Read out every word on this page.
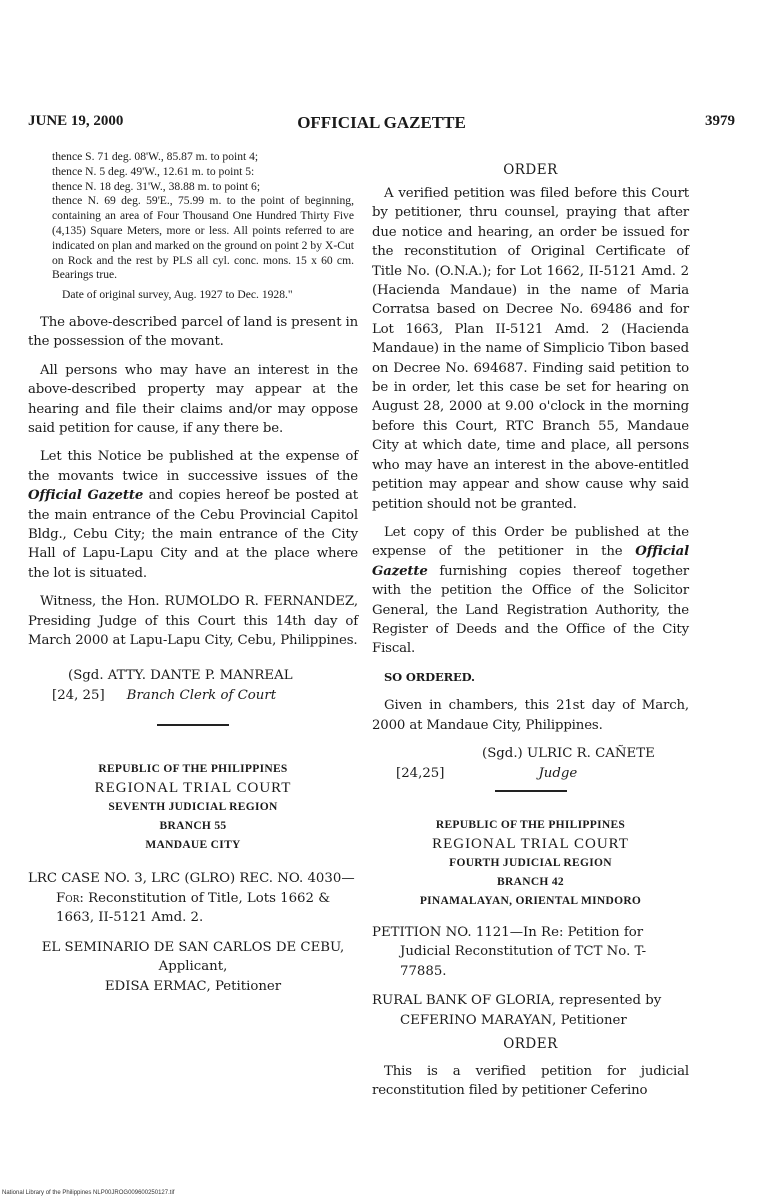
JUNE 19, 2000	OFFICIAL GAZETTE	3979

thence S. 71 deg. 08'W., 85.87 m. to point 4;

thence N. 5 deg. 49'W., 12.61 m. to point 5:

thence N. 18 deg. 31'W., 38.88 m. to point 6;

thence N. 69 deg. 59'E., 75.99 m. to the point of beginning, containing an area of Four Thousand One Hundred Thirty Five (4,135) Square Meters, more or less. All points referred to are indicated on plan and marked on the ground on point 2 by X-Cut on Rock and the rest by PLS all cyl. conc. mons. 15 x 60 cm. Bearings true.

Date of original survey, Aug. 1927 to Dec. 1928."

The above-described parcel of land is present in the possession of the movant.

All persons who may have an interest in the above-described property may appear at the hearing and file their claims and/or may oppose said petition for cause, if any there be.

Let this Notice be published at the expense of the movants twice in successive issues of the Official Gazette and copies hereof be posted at the main entrance of the Cebu Provincial Capitol Bldg., Cebu City; the main entrance of the City Hall of Lapu-Lapu City and at the place where the lot is situated.

Witness, the Hon. RUMOLDO R. FERNANDEZ, Presiding Judge of this Court this 14th day of March 2000 at Lapu-Lapu City, Cebu, Philippines.

(Sgd. ATTY. DANTE P. MANREAL

[24, 25] Branch Clerk of Court

REPUBLIC OF THE PHILIPPINES
REGIONAL TRIAL COURT
SEVENTH JUDICIAL REGION
BRANCH 55
MANDAUE CITY

LRC CASE NO. 3, LRC (GLRO) REC. NO. 4030—For: Reconstitution of Title, Lots 1662 & 1663, II-5121 Amd. 2.

EL SEMINARIO DE SAN CARLOS DE CEBU,

Applicant,

EDISA ERMAC, Petitioner

ORDER

A verified petition was filed before this Court by petitioner, thru counsel, praying that after due notice and hearing, an order be issued for the reconstitution of Original Certificate of Title No. (O.N.A.); for Lot 1662, II-5121 Amd. 2 (Hacienda Mandaue) in the name of Maria Corratsa based on Decree No. 69486 and for Lot 1663, Plan II-5121 Amd. 2 (Hacienda Mandaue) in the name of Simplicio Tibon based on Decree No. 694687. Finding said petition to be in order, let this case be set for hearing on August 28, 2000 at 9.00 o'clock in the morning before this Court, RTC Branch 55, Mandaue City at which date, time and place, all persons who may have an interest in the above-entitled petition may appear and show cause why said petition should not be granted.

Let copy of this Order be published at the expense of the petitioner in the Official Gazette furnishing copies thereof together with the petition the Office of the Solicitor General, the Land Registration Authority, the Register of Deeds and the Office of the City Fiscal.

SO ORDERED.

Given in chambers, this 21st day of March, 2000 at Mandaue City, Philippines.

(Sgd.) ULRIC R. CAÑETE

[24,25]	Judge

REPUBLIC OF THE PHILIPPINES
REGIONAL TRIAL COURT
FOURTH JUDICIAL REGION
BRANCH 42
PINAMALAYAN, ORIENTAL MINDORO

PETITION NO. 1121—In Re: Petition for Judicial Reconstitution of TCT No. T-77885.

RURAL BANK OF GLORIA, represented by

CEFERINO MARAYAN, Petitioner

ORDER

This is a verified petition for judicial reconstitution filed by petitioner Ceferino

National Library of the Philippines NLP00JROG009600250127.tif
